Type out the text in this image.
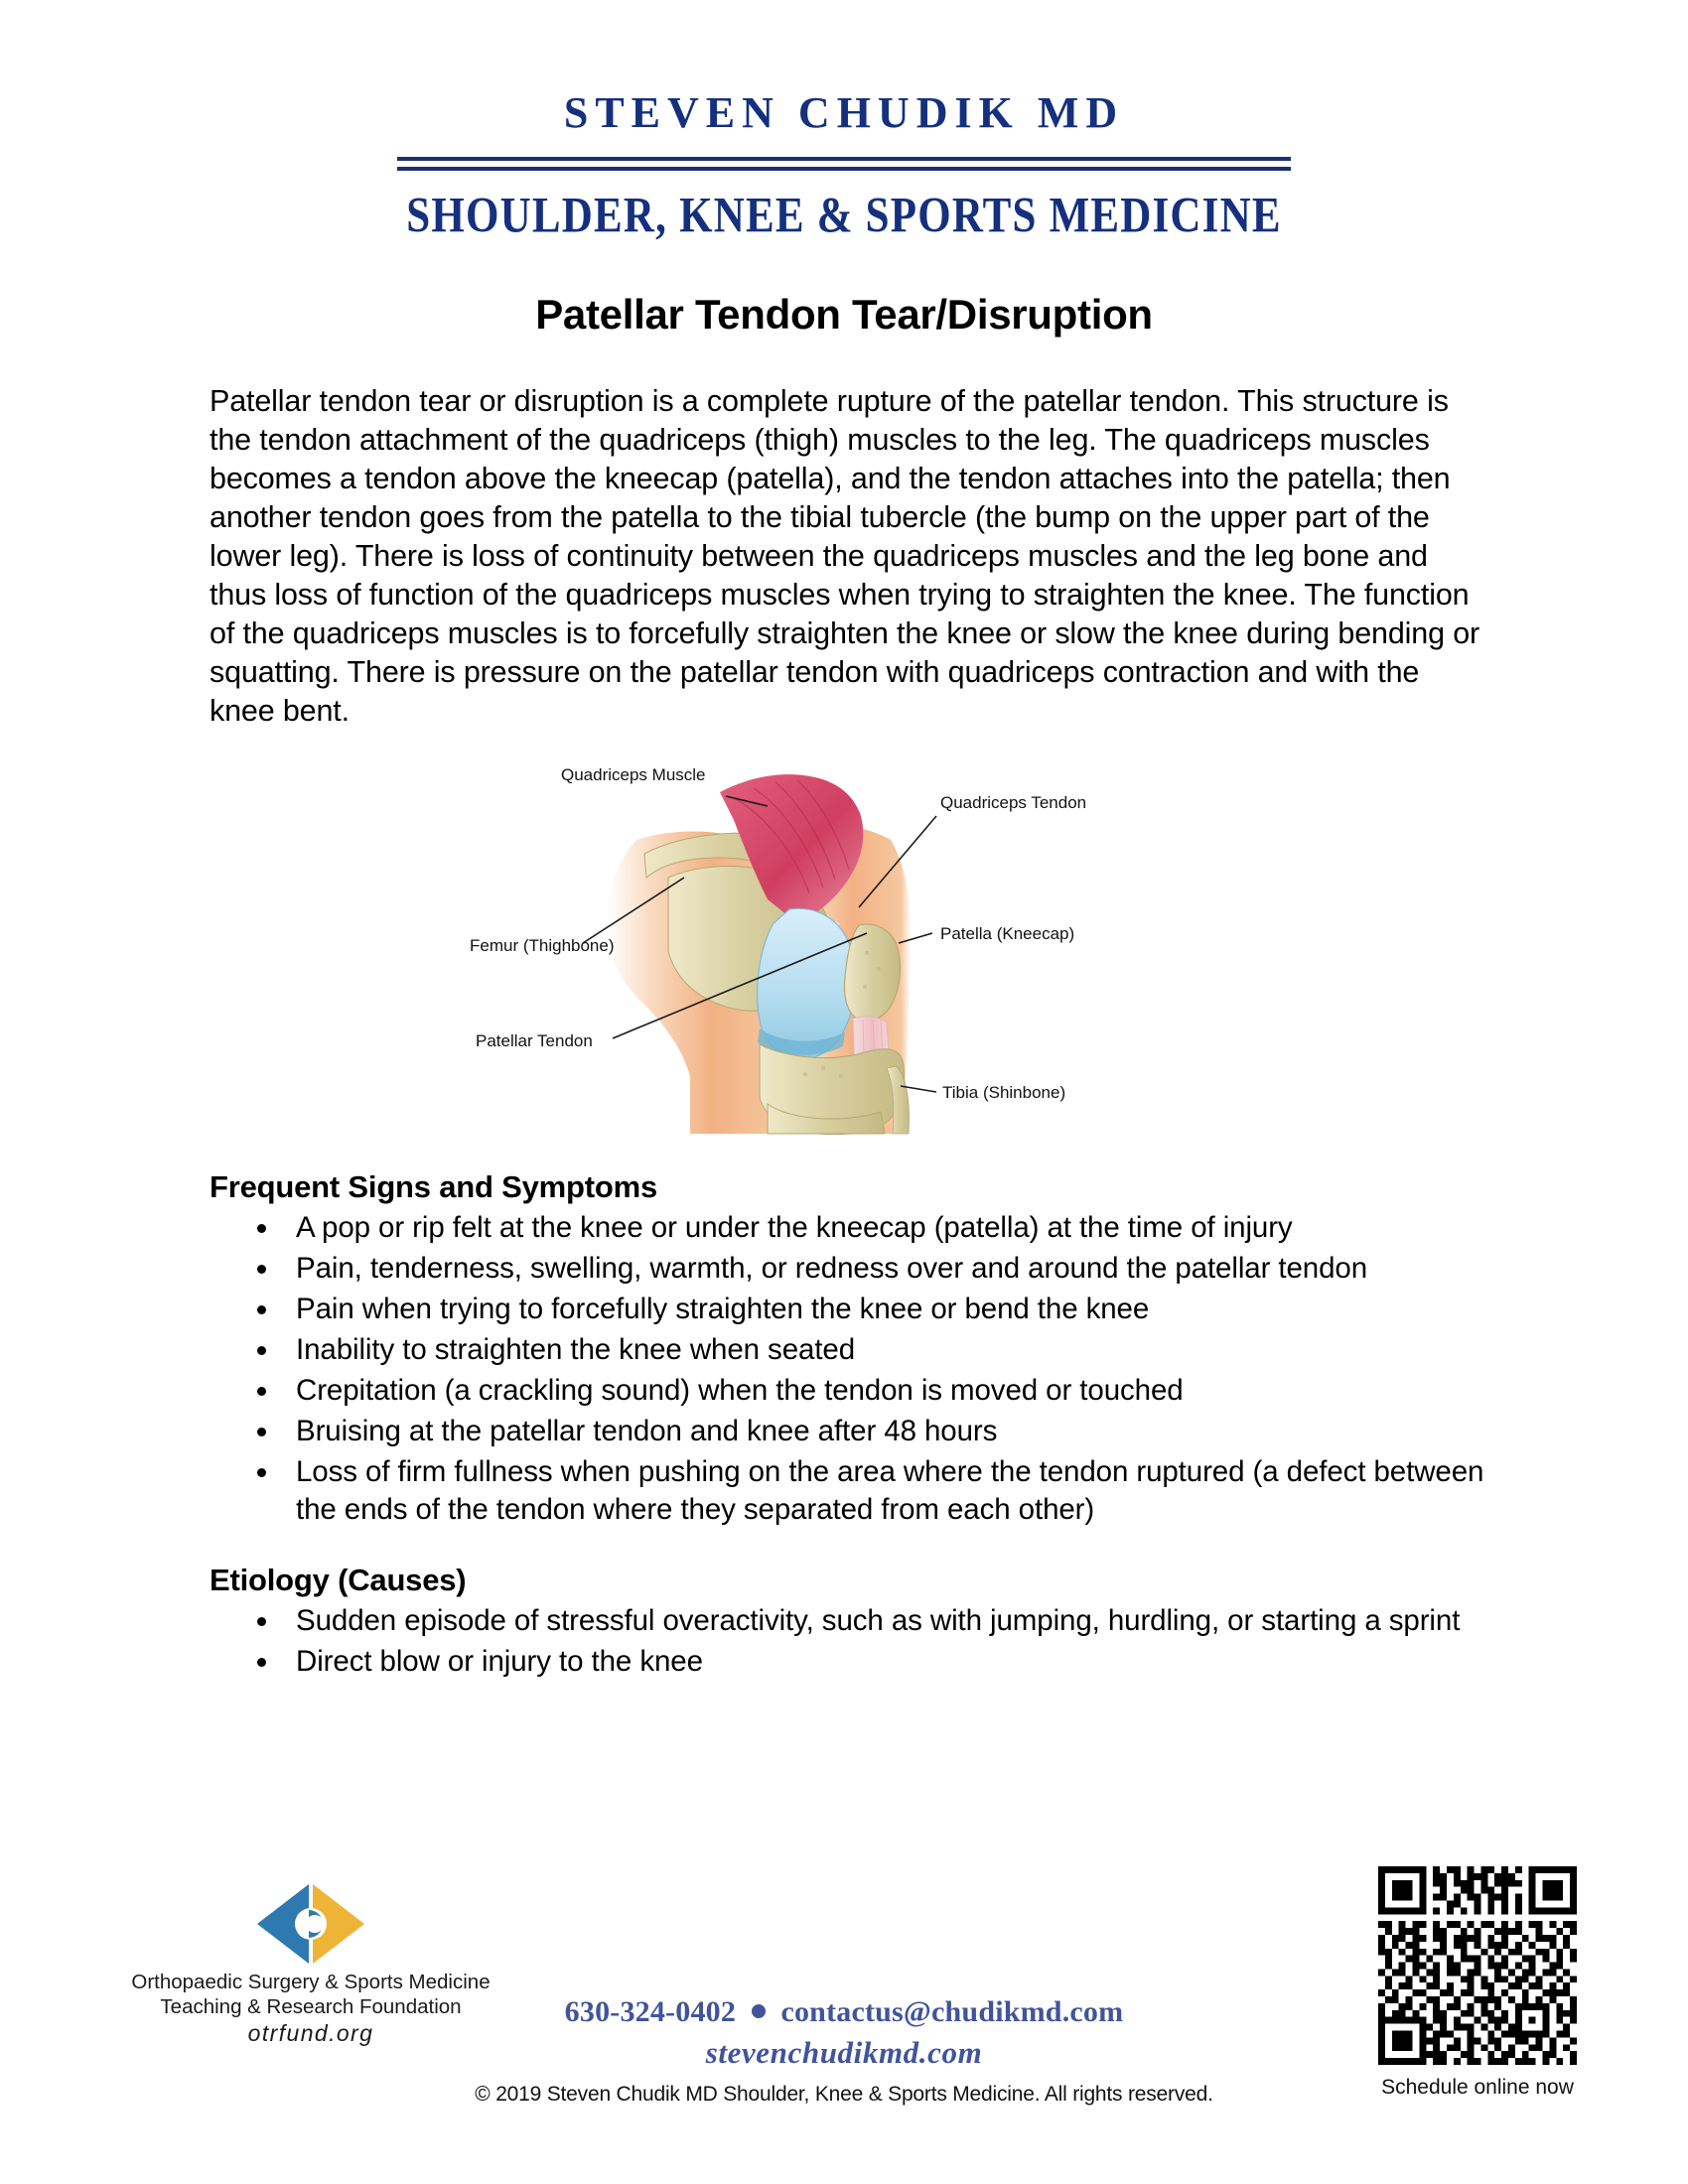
STEVEN CHUDIK MD
SHOULDER, KNEE & SPORTS MEDICINE
Patellar Tendon Tear/Disruption

Patellar tendon tear or disruption is a complete rupture of the patellar tendon. This structure is the tendon attachment of the quadriceps (thigh) muscles to the leg. The quadriceps muscles becomes a tendon above the kneecap (patella), and the tendon attaches into the patella; then another tendon goes from the patella to the tibial tubercle (the bump on the upper part of the lower leg). There is loss of continuity between the quadriceps muscles and the leg bone and thus loss of function of the quadriceps muscles when trying to straighten the knee. The function of the quadriceps muscles is to forcefully straighten the knee or slow the knee during bending or squatting. There is pressure on the patellar tendon with quadriceps contraction and with the knee bent.

Quadriceps Muscle
Quadriceps Tendon
Femur (Thighbone)
Patella (Kneecap)
Patellar Tendon
Tibia (Shinbone)
Frequent Signs and Symptoms
A pop or rip felt at the knee or under the kneecap (patella) at the time of injury
Pain, tenderness, swelling, warmth, or redness over and around the patellar tendon
Pain when trying to forcefully straighten the knee or bend the knee
Inability to straighten the knee when seated
Crepitation (a crackling sound) when the tendon is moved or touched
Bruising at the patellar tendon and knee after 48 hours
Loss of firm fullness when pushing on the area where the tendon ruptured (a defect between the ends of the tendon where they separated from each other)
Etiology (Causes)
Sudden episode of stressful overactivity, such as with jumping, hurdling, or starting a sprint
Direct blow or injury to the knee
Orthopaedic Surgery & Sports Medicine
Teaching & Research Foundation
otrfund.org
630-324-0402 contactus@chudikmd.com
stevenchudikmd.com
© 2019 Steven Chudik MD Shoulder, Knee & Sports Medicine. All rights reserved.	Schedule online now
